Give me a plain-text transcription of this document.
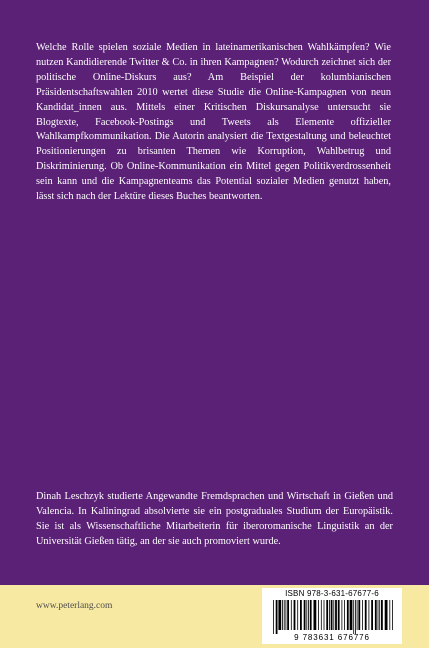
Welche Rolle spielen soziale Medien in lateinamerikanischen Wahlkämpfen? Wie nutzen Kandidierende Twitter & Co. in ihren Kampagnen? Wodurch zeichnet sich der politische Online-Diskurs aus? Am Beispiel der kolumbianischen Präsidentschaftswahlen 2010 wertet diese Studie die Online-Kampagnen von neun Kandidat_innen aus. Mittels einer Kritischen Diskursanalyse untersucht sie Blogtexte, Facebook-Postings und Tweets als Elemente offizieller Wahlkampfkommunikation. Die Autorin analysiert die Textgestaltung und beleuchtet Positionierungen zu brisanten Themen wie Korruption, Wahlbetrug und Diskriminierung. Ob Online-Kommunikation ein Mittel gegen Politikverdrossenheit sein kann und die Kampagnenteams das Potential sozialer Medien genutzt haben, lässt sich nach der Lektüre dieses Buches beantworten.

Dinah Leschzyk studierte Angewandte Fremdsprachen und Wirtschaft in Gießen und Valencia. In Kaliningrad absolvierte sie ein postgraduales Studium der Europäistik. Sie ist als Wissenschaftliche Mitarbeiterin für iberoromanische Linguistik an der Universität Gießen tätig, an der sie auch promoviert wurde.

www.peterlang.com
ISBN 978-3-631-67677-6
9 783631 676776
